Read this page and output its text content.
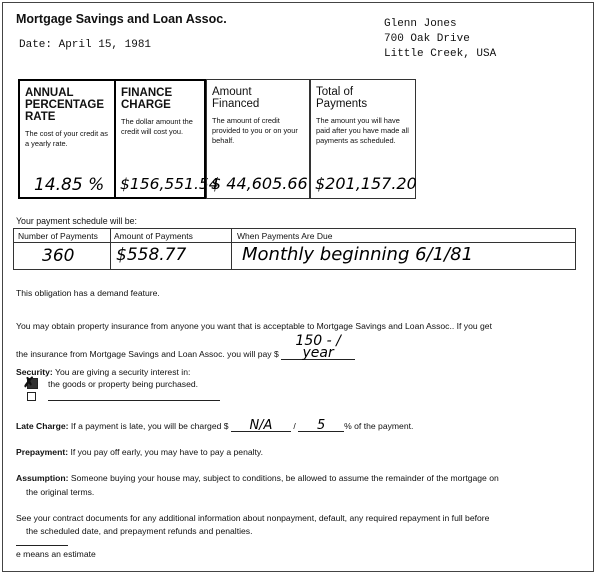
Mortgage Savings and Loan Assoc.
Date: April 15, 1981
Glenn Jones
700 Oak Drive
Little Creek, USA
ANNUAL
PERCENTAGE
RATE
The cost of your credit as a yearly rate.
14.85 %
FINANCE
CHARGE
The dollar amount the credit will cost you.
$156,551.54
Amount
Financed
The amount of credit provided to you or on your behalf.
$ 44,605.66
Total of
Payments
The amount you will have paid after you have made all payments as scheduled.
$201,157.20
Your payment schedule will be:
Number of Payments	Amount of Payments	When Payments Are Due
360 $558.77	Monthly beginning 6/1/81
This obligation has a demand feature.
You may obtain property insurance from anyone you want that is acceptable to Mortgage Savings and Loan Assoc.. If you get
the insurance from Mortgage Savings and Loan Assoc. you will pay $ 150 - / year
Security: You are giving a security interest in:
✗ the goods or property being purchased.
Late Charge: If a payment is late, you will be charged $ N/A / 5 % of the payment.
Prepayment: If you pay off early, you may have to pay a penalty.
Assumption: Someone buying your house may, subject to conditions, be allowed to assume the remainder of the mortgage on
the original terms.
See your contract documents for any additional information about nonpayment, default, any required repayment in full before
the scheduled date, and prepayment refunds and penalties.
e means an estimate
